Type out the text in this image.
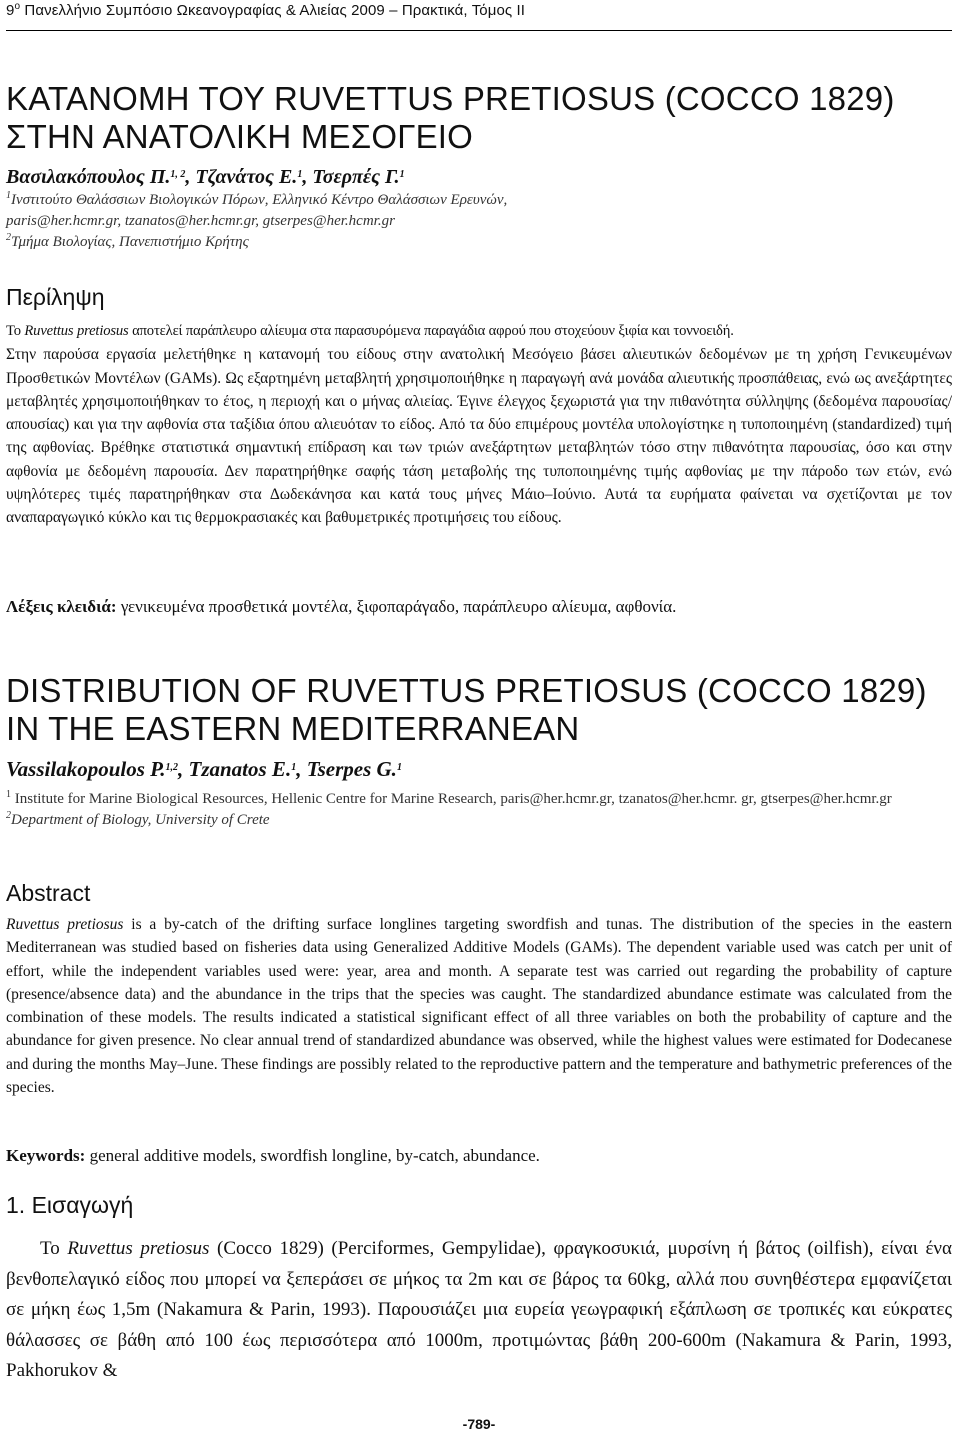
$9^o$ Πανελλήνιο Συμπόσιο Ωκεανογραφίας & Αλιείας 2009 – Πρακτικά, Τόμος ΙΙ
ΚΑΤΑΝΟΜΗ ΤΟΥ RUVETTUS PRETIOSUS (COCCO 1829)
ΣΤΗΝ ΑΝΑΤΟΛΙΚΗ ΜΕΣΟΓΕΙΟ
Βασιλακόπουλος Π.$^{1, 2}$, Τζανάτος Ε.$^1$, Τσερπές Γ.$^1$
$^1$Ινστιτούτο Θαλάσσιων Βιολογικών Πόρων, Ελληνικό Κέντρο Θαλάσσιων Ερευνών,
paris@her.hcmr.gr, tzanatos@her.hcmr.gr, gtserpes@her.hcmr.gr
$^2$Τμήμα Βιολογίας, Πανεπιστήμιο Κρήτης
Περίληψη

Το Ruvettus pretiosus αποτελεί παράπλευρο αλίευμα στα παρασυρόμενα παραγάδια αφρού που στοχεύουν ξιφία και τοννοειδή.

Στην παρούσα εργασία μελετήθηκε η κατανομή του είδους στην ανατολική Μεσόγειο βάσει αλιευτικών δεδομένων με τη χρήση Γενικευμένων Προσθετικών Μοντέλων (GAMs). Ως εξαρτημένη μεταβλητή χρησιμοποιήθηκε η παραγωγή ανά μονάδα αλιευτικής προσπάθειας, ενώ ως ανεξάρτητες μεταβλητές χρησιμοποιήθηκαν το έτος, η περιοχή και ο μήνας αλιείας. Έγινε έλεγχος ξεχωριστά για την πιθανότητα σύλληψης (δεδομένα παρουσίας/απουσίας) και για την αφθονία στα ταξίδια όπου αλιευόταν το είδος. Από τα δύο επιμέρους μοντέλα υπολογίστηκε η τυποποιημένη (standardized) τιμή της αφθονίας. Βρέθηκε στατιστικά σημαντική επίδραση και των τριών ανεξάρτητων μεταβλητών τόσο στην πιθανότητα παρουσίας, όσο και στην αφθονία με δεδομένη παρουσία. Δεν παρατηρήθηκε σαφής τάση μεταβολής της τυποποιημένης τιμής αφθονίας με την πάροδο των ετών, ενώ υψηλότερες τιμές παρατηρήθηκαν στα Δωδεκάνησα και κατά τους μήνες Μάιο–Ιούνιο. Αυτά τα ευρήματα φαίνεται να σχετίζονται με τον αναπαραγωγικό κύκλο και τις θερμοκρασιακές και βαθυμετρικές προτιμήσεις του είδους.

Λέξεις κλειδιά: γενικευμένα προσθετικά μοντέλα, ξιφοπαράγαδο, παράπλευρο αλίευμα, αφθονία.
DISTRIBUTION OF RUVETTUS PRETIOSUS (COCCO 1829)
IN THE EASTERN MEDITERRANEAN
Vassilakopoulos P.$^{1,2}$, Tzanatos E.$^1$, Tserpes G.$^1$
$^1$ Institute for Marine Biological Resources, Hellenic Centre for Marine Research, paris@her.hcmr.gr, tzanatos@her.hcmr. gr, gtserpes@her.hcmr.gr
$^2$Department of Biology, University of Crete
Abstract

Ruvettus pretiosus is a by-catch of the drifting surface longlines targeting swordfish and tunas. The distribution of the species in the eastern Mediterranean was studied based on fisheries data using Generalized Additive Models (GAMs). The dependent variable used was catch per unit of effort, while the independent variables used were: year, area and month. A separate test was carried out regarding the probability of capture (presence/absence data) and the abundance in the trips that the species was caught. The standardized abundance estimate was calculated from the combination of these models. The results indicated a statistical significant effect of all three variables on both the probability of capture and the abundance for given presence. No clear annual trend of standardized abundance was observed, while the highest values were estimated for Dodecanese and during the months May–June. These findings are possibly related to the reproductive pattern and the temperature and bathymetric preferences of the species.

Keywords: general additive models, swordfish longline, by-catch, abundance.
1. Εισαγωγή

Το Ruvettus pretiosus (Cocco 1829) (Perciformes, Gempylidae), φραγκοσυκιά, μυρσίνη ή βάτος (oilfish), είναι ένα βενθοπελαγικό είδος που μπορεί να ξεπεράσει σε μήκος τα 2m και σε βάρος τα 60kg, αλλά που συνηθέστερα εμφανίζεται σε μήκη έως 1,5m (Nakamura & Parin, 1993). Παρουσιάζει μια ευρεία γεωγραφική εξάπλωση σε τροπικές και εύκρατες θάλασσες σε βάθη από 100 έως περισσότερα από 1000m, προτιμώντας βάθη 200-600m (Nakamura & Parin, 1993, Pakhorukov &

-789-
